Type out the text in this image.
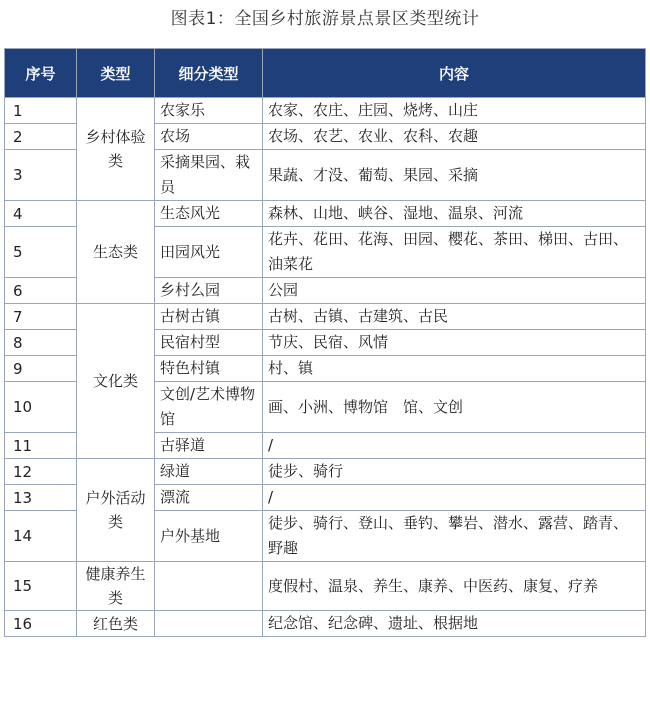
图表1：全国乡村旅游景点景区类型统计
序号	类型	细分类型	内容
1	乡村体验类	农家乐	农家、农庄、庄园、烧烤、山庄
2		农场	农场、农艺、农业、农科、农趣
3		采摘果园、栽员	果蔬、才没、葡萄、果园、采摘
4	生态类	生态风光	森林、山地、峡谷、湿地、温泉、河流
5		田园风光	花卉、花田、花海、田园、樱花、茶田、梯田、古田、油菜花
6		乡村么园	公园
7	文化类	古树古镇	古树、古镇、古建筑、古民
8		民宿村型	节庆、民宿、风情
9		特色村镇	村、镇
10		文创/艺术博物馆	画、小洲、博物馆　馆、文创
11		古驿道	/
12	户外活动类	绿道	徒步、骑行
13		漂流	/
14		户外基地	徒步、骑行、登山、垂钓、攀岩、潜水、露营、踏青、野趣
15	健康养生类		度假村、温泉、养生、康养、中医药、康复、疗养
16	红色类		纪念馆、纪念碑、遗址、根据地
